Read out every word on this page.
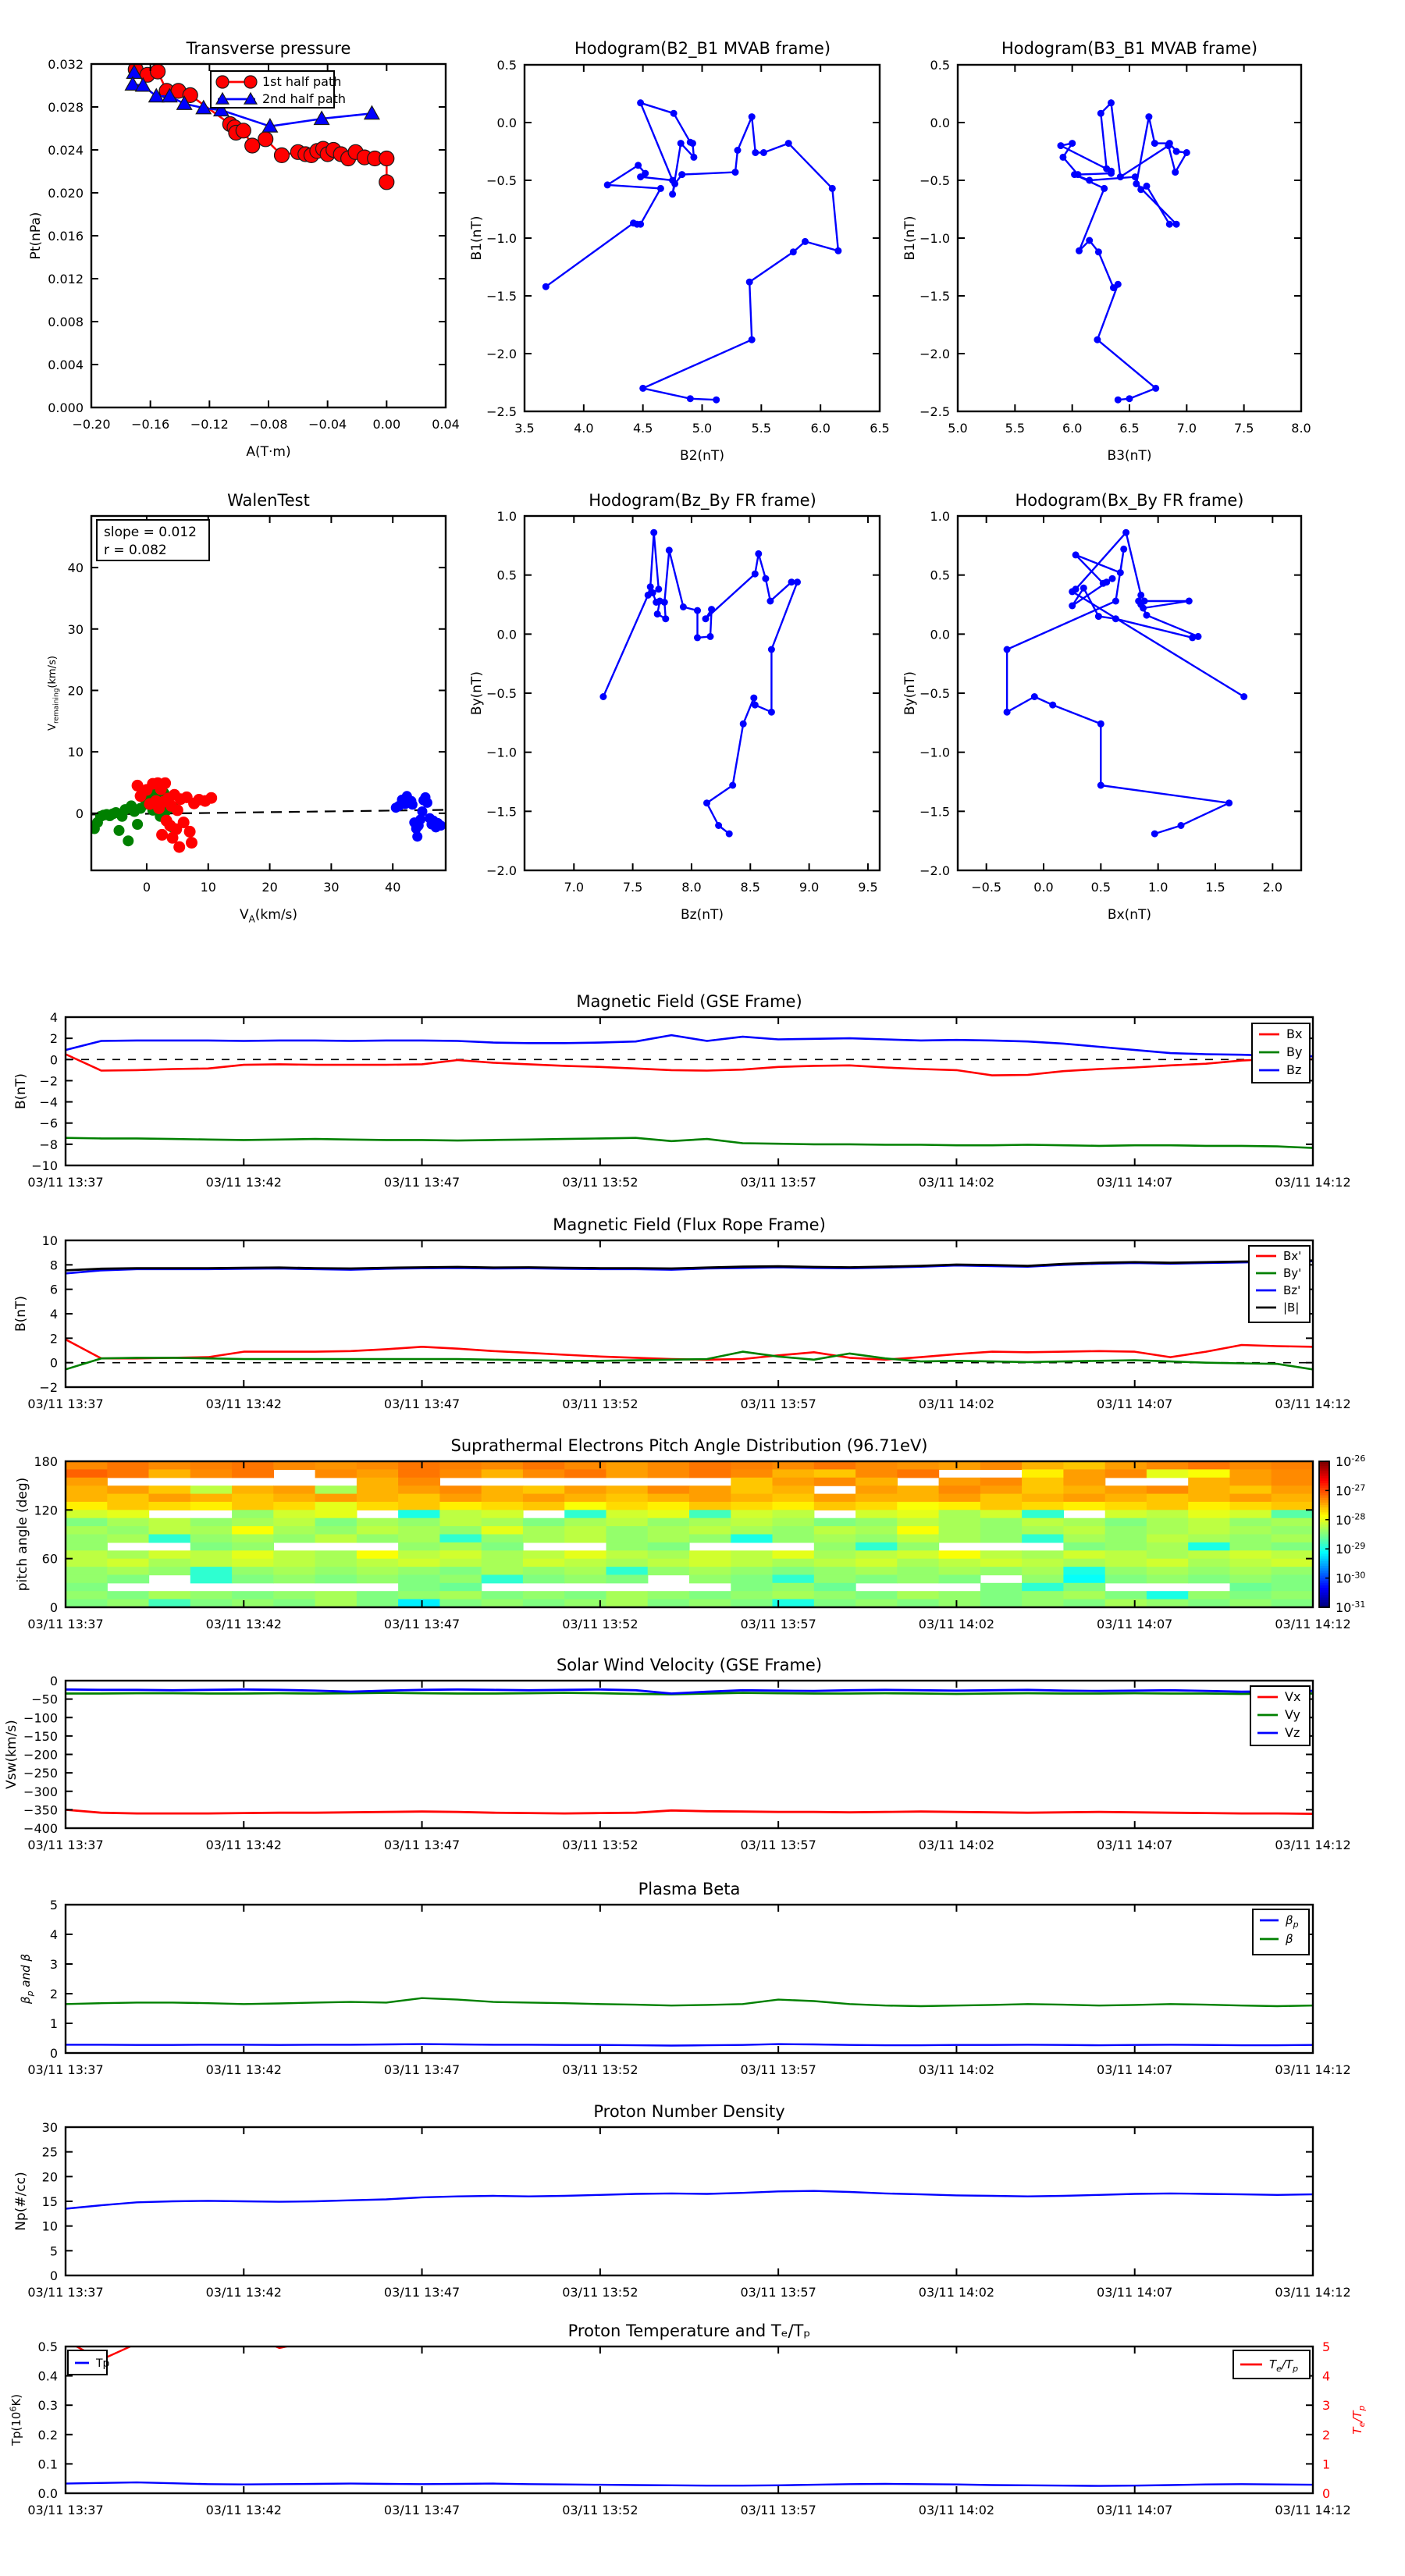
−0.20 −0.16 −0.12 −0.08 −0.04 0.00	0.04
0.000
0.004
0.008
0.012
0.016
0.020
0.024
0.028
0.032
A(T·m)
Pt(nPa)
1st half path
2nd half path
3.5	4.0	4.5	5.0	5.5	6.0	6.5
0.5
0.0
−0.5
−1.0
−1.5
−2.0
−2.5
B2(nT)
B1(nT)
5.0	5.5	6.0	6.5	7.0	7.5	8.0
0.5
0.0
−0.5
−1.0
−1.5
−2.0
−2.5
B3(nT)
B1(nT)
0	10	20	30	40
0
10
20
30
40
$V_A(km/s)$
$V_{remaining}(km/s)$
slope = 0.012
r = 0.082
7.0	7.5	8.0	8.5	9.0	9.5
1.0
0.5
0.0
−0.5
−1.0
−1.5
−2.0
Bz(nT)
By(nT)
−0.5	0.0	0.5	1.0	1.5	2.0
1.0
0.5
0.0
−0.5
−1.0
−1.5
−2.0
Bx(nT)
By(nT)
03/11 13:37	03/11 13:42	03/11 13:47	03/11 13:52	03/11 13:57	03/11 14:02	03/11 14:07	03/11 14:12
4
2
0
−2
−4
−6
−8
−10
B(nT)
Bx
By
Bz
03/11 13:37	03/11 13:42	03/11 13:47	03/11 13:52	03/11 13:57	03/11 14:02	03/11 14:07	03/11 14:12
10
8
6
4
2
0
−2
B(nT)
Bx'
By'
Bz'
|B|
03/11 13:37	03/11 13:42	03/11 13:47	03/11 13:52	03/11 13:57	03/11 14:02	03/11 14:07	03/11 14:12
0
60
120
180
pitch angle (deg)
$10^{-26}$
$10^{-27}$
$10^{-28}$
$10^{-29}$
$10^{-30}$
$10^{-31}$
03/11 13:37	03/11 13:42	03/11 13:47	03/11 13:52	03/11 13:57	03/11 14:02	03/11 14:07	03/11 14:12
0
−50
−100
−150
−200
−250
−300
−350
−400
Vsw(km/s)
Vx
Vy
Vz
03/11 13:37	03/11 13:42	03/11 13:47	03/11 13:52	03/11 13:57	03/11 14:02	03/11 14:07	03/11 14:12
0
1
2
3
4
5
$\beta_p$ and β
$\beta_p$
β
03/11 13:37	03/11 13:42	03/11 13:47	03/11 13:52	03/11 13:57	03/11 14:02	03/11 14:07	03/11 14:12
0
5
10
15
20
25
30
Np(#/cc)
03/11 13:37	03/11 13:42	03/11 13:47	03/11 13:52	03/11 13:57	03/11 14:02	03/11 14:07	03/11 14:12
0.0
0.1
0.2
0.3
0.4
0.5
0
1
2
3
4
5
$T_e/T_p$
$Tp(10^6K)$
Tp	$T_e/T_p$
Transverse pressure	Hodogram(B2_B1 MVAB frame)	Hodogram(B3_B1 MVAB frame)
WalenTest	Hodogram(Bz_By FR frame)	Hodogram(Bx_By FR frame)
Magnetic Field (GSE Frame)
Magnetic Field (Flux Rope Frame)
Suprathermal Electrons Pitch Angle Distribution (96.71eV)
Solar Wind Velocity (GSE Frame)
Plasma Beta
Proton Number Density
Proton Temperature and Tₑ/Tₚ
